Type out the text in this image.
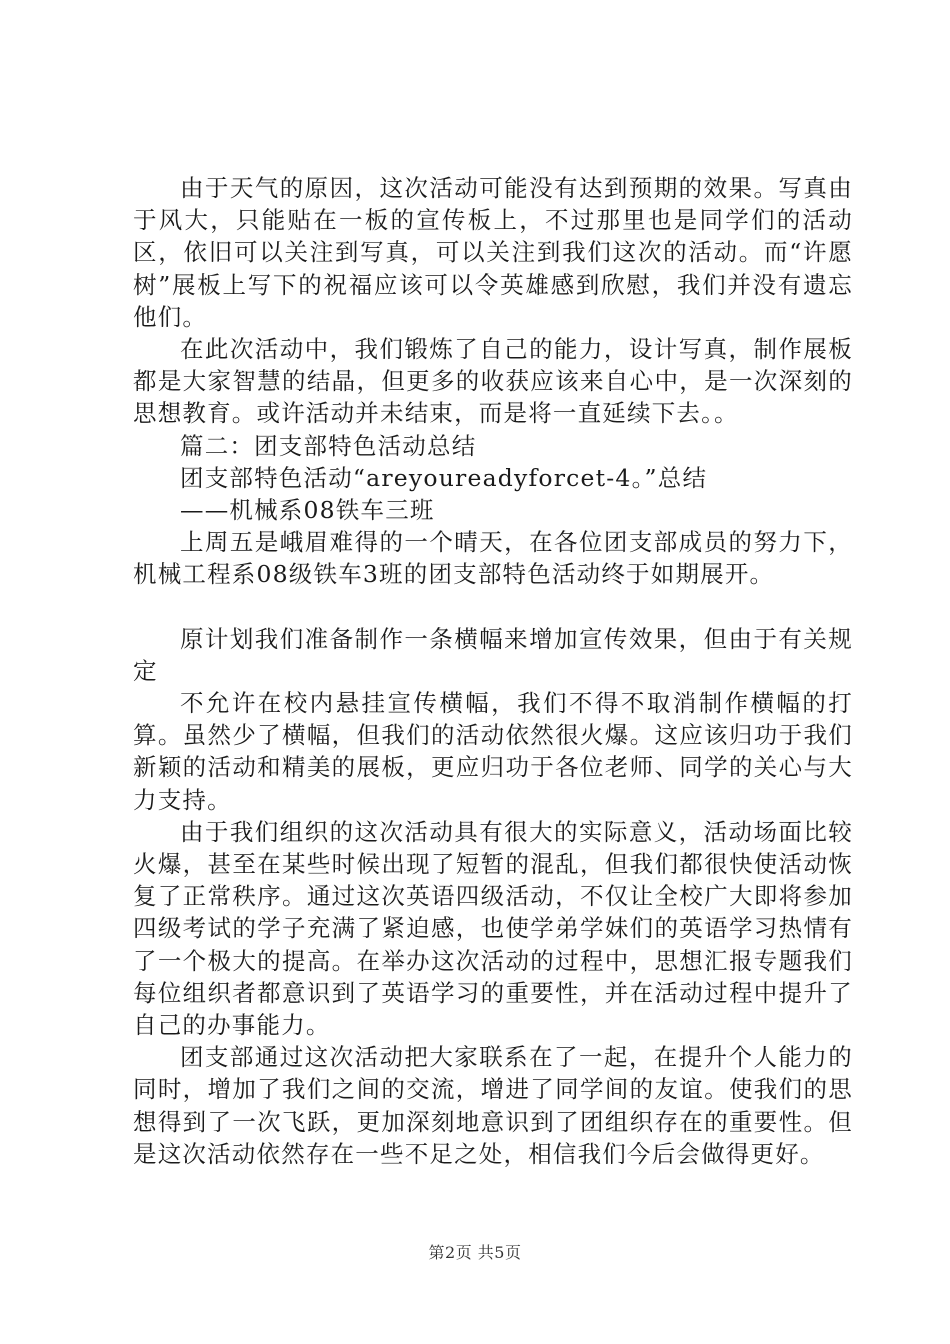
由于天气的原因，这次活动可能没有达到预期的效果。写真由于风大，只能贴在一板的宣传板上，不过那里也是同学们的活动区，依旧可以关注到写真，可以关注到我们这次的活动。而“许愿树”展板上写下的祝福应该可以令英雄感到欣慰，我们并没有遗忘他们。

在此次活动中，我们锻炼了自己的能力，设计写真，制作展板都是大家智慧的结晶，但更多的收获应该来自心中，是一次深刻的思想教育。或许活动并未结束，而是将一直延续下去。。

篇二：团支部特色活动总结

团支部特色活动“areyoureadyforcet-4。”总结

——机械系08铁车三班

上周五是峨眉难得的一个晴天，在各位团支部成员的努力下，机械工程系08级铁车3班的团支部特色活动终于如期展开。

原计划我们准备制作一条横幅来增加宣传效果，但由于有关规定

不允许在校内悬挂宣传横幅，我们不得不取消制作横幅的打算。虽然少了横幅，但我们的活动依然很火爆。这应该归功于我们新颖的活动和精美的展板，更应归功于各位老师、同学的关心与大力支持。

由于我们组织的这次活动具有很大的实际意义，活动场面比较火爆，甚至在某些时候出现了短暂的混乱，但我们都很快使活动恢复了正常秩序。通过这次英语四级活动，不仅让全校广大即将参加四级考试的学子充满了紧迫感，也使学弟学妹们的英语学习热情有了一个极大的提高。在举办这次活动的过程中，思想汇报专题我们每位组织者都意识到了英语学习的重要性，并在活动过程中提升了自己的办事能力。

团支部通过这次活动把大家联系在了一起，在提升个人能力的同时，增加了我们之间的交流，增进了同学间的友谊。使我们的思想得到了一次飞跃，更加深刻地意识到了团组织存在的重要性。但是这次活动依然存在一些不足之处，相信我们今后会做得更好。

第2页 共5页
